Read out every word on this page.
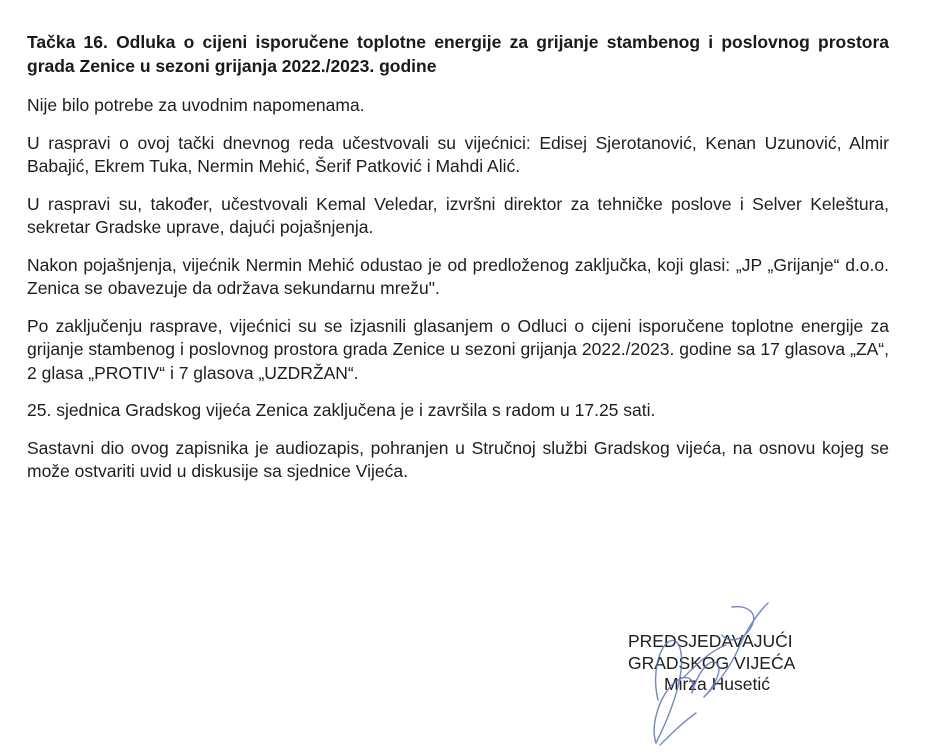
Tačka 16. Odluka o cijeni isporučene toplotne energije za grijanje stambenog i poslovnog prostora grada Zenice u sezoni grijanja 2022./2023. godine

Nije bilo potrebe za uvodnim napomenama.

U raspravi o ovoj tački dnevnog reda učestvovali su vijećnici: Edisej Sjerotanović, Kenan Uzunović, Almir Babajić, Ekrem Tuka, Nermin Mehić, Šerif Patković i Mahdi Alić.

U raspravi su, također, učestvovali Kemal Veledar, izvršni direktor za tehničke poslove i Selver Keleštura, sekretar Gradske uprave, dajući pojašnjenja.

Nakon pojašnjenja, vijećnik Nermin Mehić odustao je od predloženog zaključka, koji glasi: „JP „Grijanje“ d.o.o. Zenica se obavezuje da održava sekundarnu mrežu".

Po zaključenju rasprave, vijećnici su se izjasnili glasanjem o Odluci o cijeni isporučene toplotne energije za grijanje stambenog i poslovnog prostora grada Zenice u sezoni grijanja 2022./2023. godine sa 17 glasova „ZA“, 2 glasa „PROTIV“ i 7 glasova „UZDRŽAN“.

25. sjednica Gradskog vijeća Zenica zaključena je i završila s radom u 17.25 sati.

Sastavni dio ovog zapisnika je audiozapis, pohranjen u Stručnoj službi Gradskog vijeća, na osnovu kojeg se može ostvariti uvid u diskusije sa sjednice Vijeća.

PREDSJEDAVAJUĆI
GRADSKOG VIJEĆA
Mirza Husetić
